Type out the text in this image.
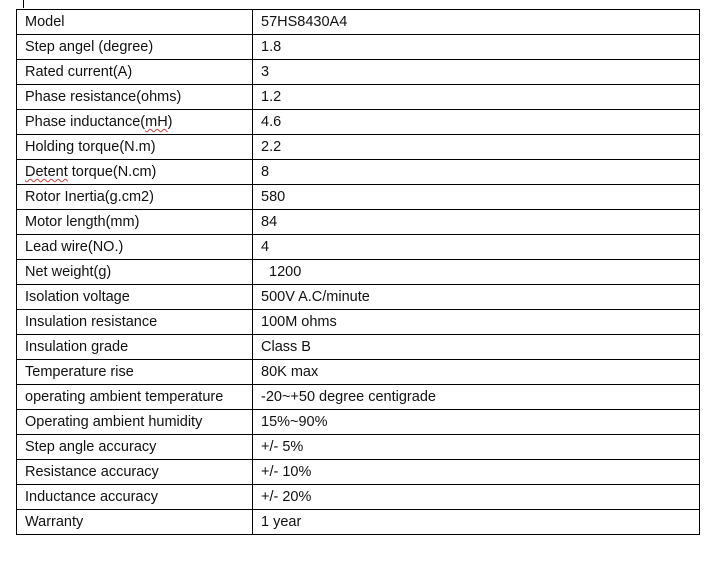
Model	57HS8430A4
Step angel (degree)	1.8
Rated current(A)	3
Phase resistance(ohms)	1.2
Phase inductance(mH)	4.6
Holding torque(N.m)	2.2
Detent torque(N.cm)	8
Rotor Inertia(g.cm2)	580
Motor length(mm)	84
Lead wire(NO.)	4
Net weight(g)	1200
Isolation voltage	500V A.C/minute
Insulation resistance	100M ohms
Insulation grade	Class B
Temperature rise	80K max
operating ambient temperature	-20~+50 degree centigrade
Operating ambient humidity	15%~90%
Step angle accuracy	+/- 5%
Resistance accuracy	+/- 10%
Inductance accuracy	+/- 20%
Warranty	1 year
